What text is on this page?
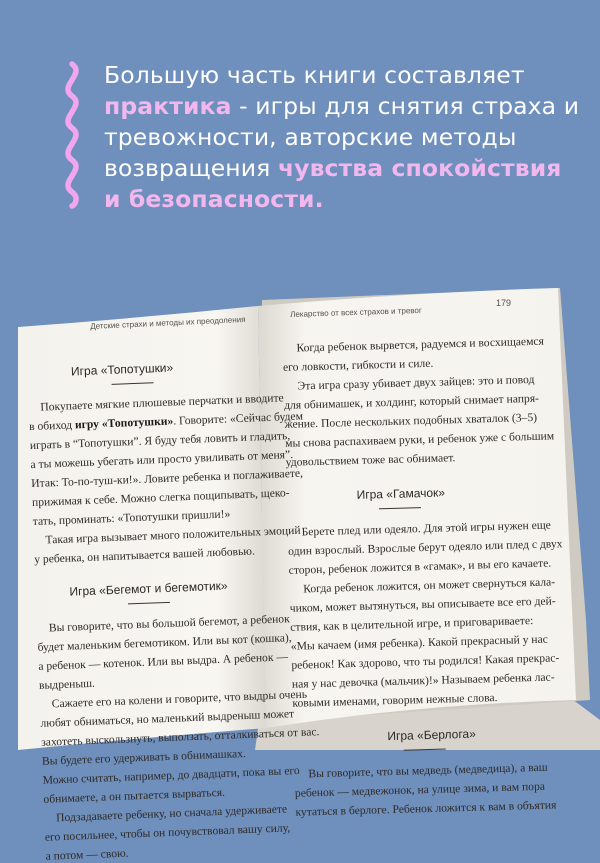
Большую часть книги составляет практика - игры для снятия страха и тревожности, авторские методы возвращения чувства спокойствия и безопасности.
Детские страхи и методы их преодоления
Игра «Топотушки»
Покупаете мягкие плюшевые перчатки и вводите
в обиход игру «Топотушки». Говорите: «Сейчас будем
играть в “Топотушки”. Я буду тебя ловить и гладить,
а ты можешь убегать или просто увиливать от меня”.
Итак: То-по-туш-ки!». Ловите ребенка и поглаживаете,
прижимая к себе. Можно слегка пощипывать, щеко-
тать, проминать: «Топотушки пришли!»
Такая игра вызывает много положительных эмоций
у ребенка, он напитывается вашей любовью.
Игра «Бегемот и бегемотик»
Вы говорите, что вы большой бегемот, а ребенок
будет маленьким бегемотиком. Или вы кот (кошка),
а ребенок — котенок. Или вы выдра. А ребенок —
выдреныш.
Сажаете его на колени и говорите, что выдры очень
любят обниматься, но маленький выдреныш может
захотеть выскользнуть, выползать, отталкиваться от вас.
Вы будете его удерживать в обнимашках.
Можно считать, например, до двадцати, пока вы его
обнимаете, а он пытается вырваться.
Подзадаваете ребенку, но сначала удерживаете
его посильнее, чтобы он почувствовал вашу силу,
а потом — свою.
Лекарство от всех страхов и тревог
179
Когда ребенок вырвется, радуемся и восхищаемся
его ловкости, гибкости и силе.
Эта игра сразу убивает двух зайцев: это и повод
для обнимашек, и холдинг, который снимает напря-
жение. После нескольких подобных хваталок (3–5)
мы снова распахиваем руки, и ребенок уже с большим
удовольствием тоже вас обнимает.
Игра «Гамачок»
Берете плед или одеяло. Для этой игры нужен еще
один взрослый. Взрослые берут одеяло или плед с двух
сторон, ребенок ложится в «гамак», и вы его качаете.
Когда ребенок ложится, он может свернуться кала-
чиком, может вытянуться, вы описываете все его дей-
ствия, как в целительной игре, и приговариваете:
«Мы качаем (имя ребенка). Какой прекрасный у нас
ребенок! Как здорово, что ты родился! Какая прекрас-
ная у нас девочка (мальчик)!» Называем ребенка лас-
ковыми именами, говорим нежные слова.
Игра «Берлога»
Вы говорите, что вы медведь (медведица), а ваш
ребенок — медвежонок, на улице зима, и вам пора
кутаться в берлоге. Ребенок ложится к вам в объятия
